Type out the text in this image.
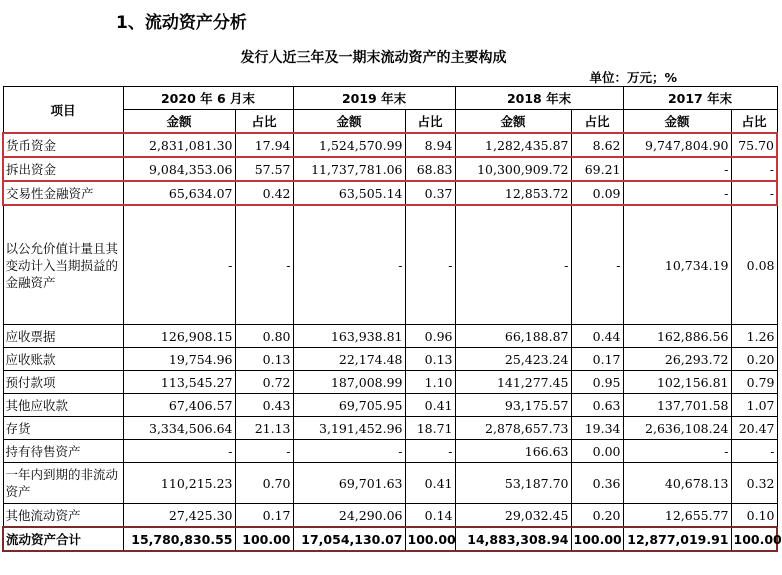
1、流动资产分析
发行人近三年及一期末流动资产的主要构成
单位：万元；%
项目	2020 年 6 月末		2019 年末		2018 年末		2017 年末	
	金额	占比	金额	占比	金额	占比	金额	占比
货币资金	2,831,081.30	17.94	1,524,570.99	8.94	1,282,435.87	8.62	9,747,804.90	75.70
拆出资金	9,084,353.06	57.57	11,737,781.06	68.83	10,300,909.72	69.21	-	-
交易性金融资产	65,634.07	0.42	63,505.14	0.37	12,853.72	0.09	-	-
以公允价值计量且其变动计入当期损益的金融资产	-	-	-	-	-	-	10,734.19	0.08
应收票据	126,908.15	0.80	163,938.81	0.96	66,188.87	0.44	162,886.56	1.26
应收账款	19,754.96	0.13	22,174.48	0.13	25,423.24	0.17	26,293.72	0.20
预付款项	113,545.27	0.72	187,008.99	1.10	141,277.45	0.95	102,156.81	0.79
其他应收款	67,406.57	0.43	69,705.95	0.41	93,175.57	0.63	137,701.58	1.07
存货	3,334,506.64	21.13	3,191,452.96	18.71	2,878,657.73	19.34	2,636,108.24	20.47
持有待售资产	-	-	-	-	166.63	0.00	-	-
一年内到期的非流动资产	110,215.23	0.70	69,701.63	0.41	53,187.70	0.36	40,678.13	0.32
其他流动资产	27,425.30	0.17	24,290.06	0.14	29,032.45	0.20	12,655.77	0.10
流动资产合计	15,780,830.55	100.00	17,054,130.07	100.00	14,883,308.94	100.00	12,877,019.91	100.00
